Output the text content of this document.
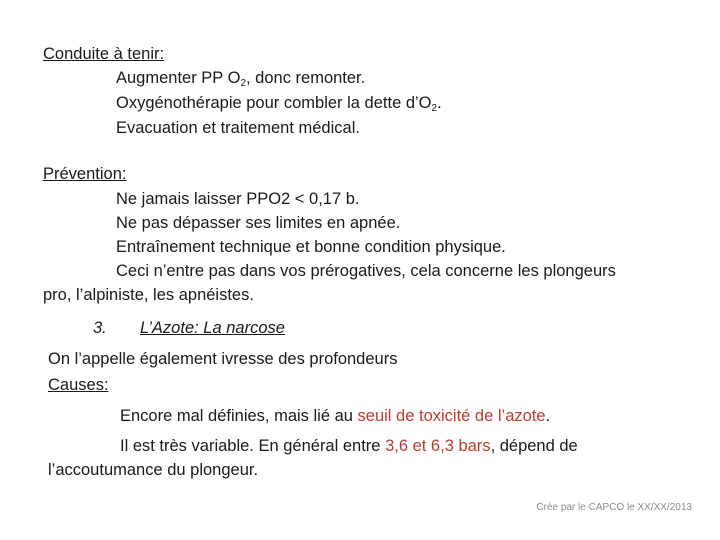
Conduite à tenir:
Augmenter PP $O_2$, donc remonter.
Oxygénothérapie pour combler la dette $d’O_2$.
Evacuation et traitement médical.
Prévention:
Ne jamais laisser PPO2 < 0,17 b.
Ne pas dépasser ses limites en apnée.
Entraînement technique et bonne condition physique.
Ceci n’entre pas dans vos prérogatives, cela concerne les plongeurs
pro, l’alpiniste, les apnéistes.
3. L’Azote: La narcose
On l’appelle également ivresse des profondeurs
Causes:
Encore mal définies, mais lié au seuil de toxicité de l’azote.
Il est très variable. En général entre 3,6 et 6,3 bars, dépend de
l’accoutumance du plongeur.
Crée par le CAPCO le XX/XX/2013
